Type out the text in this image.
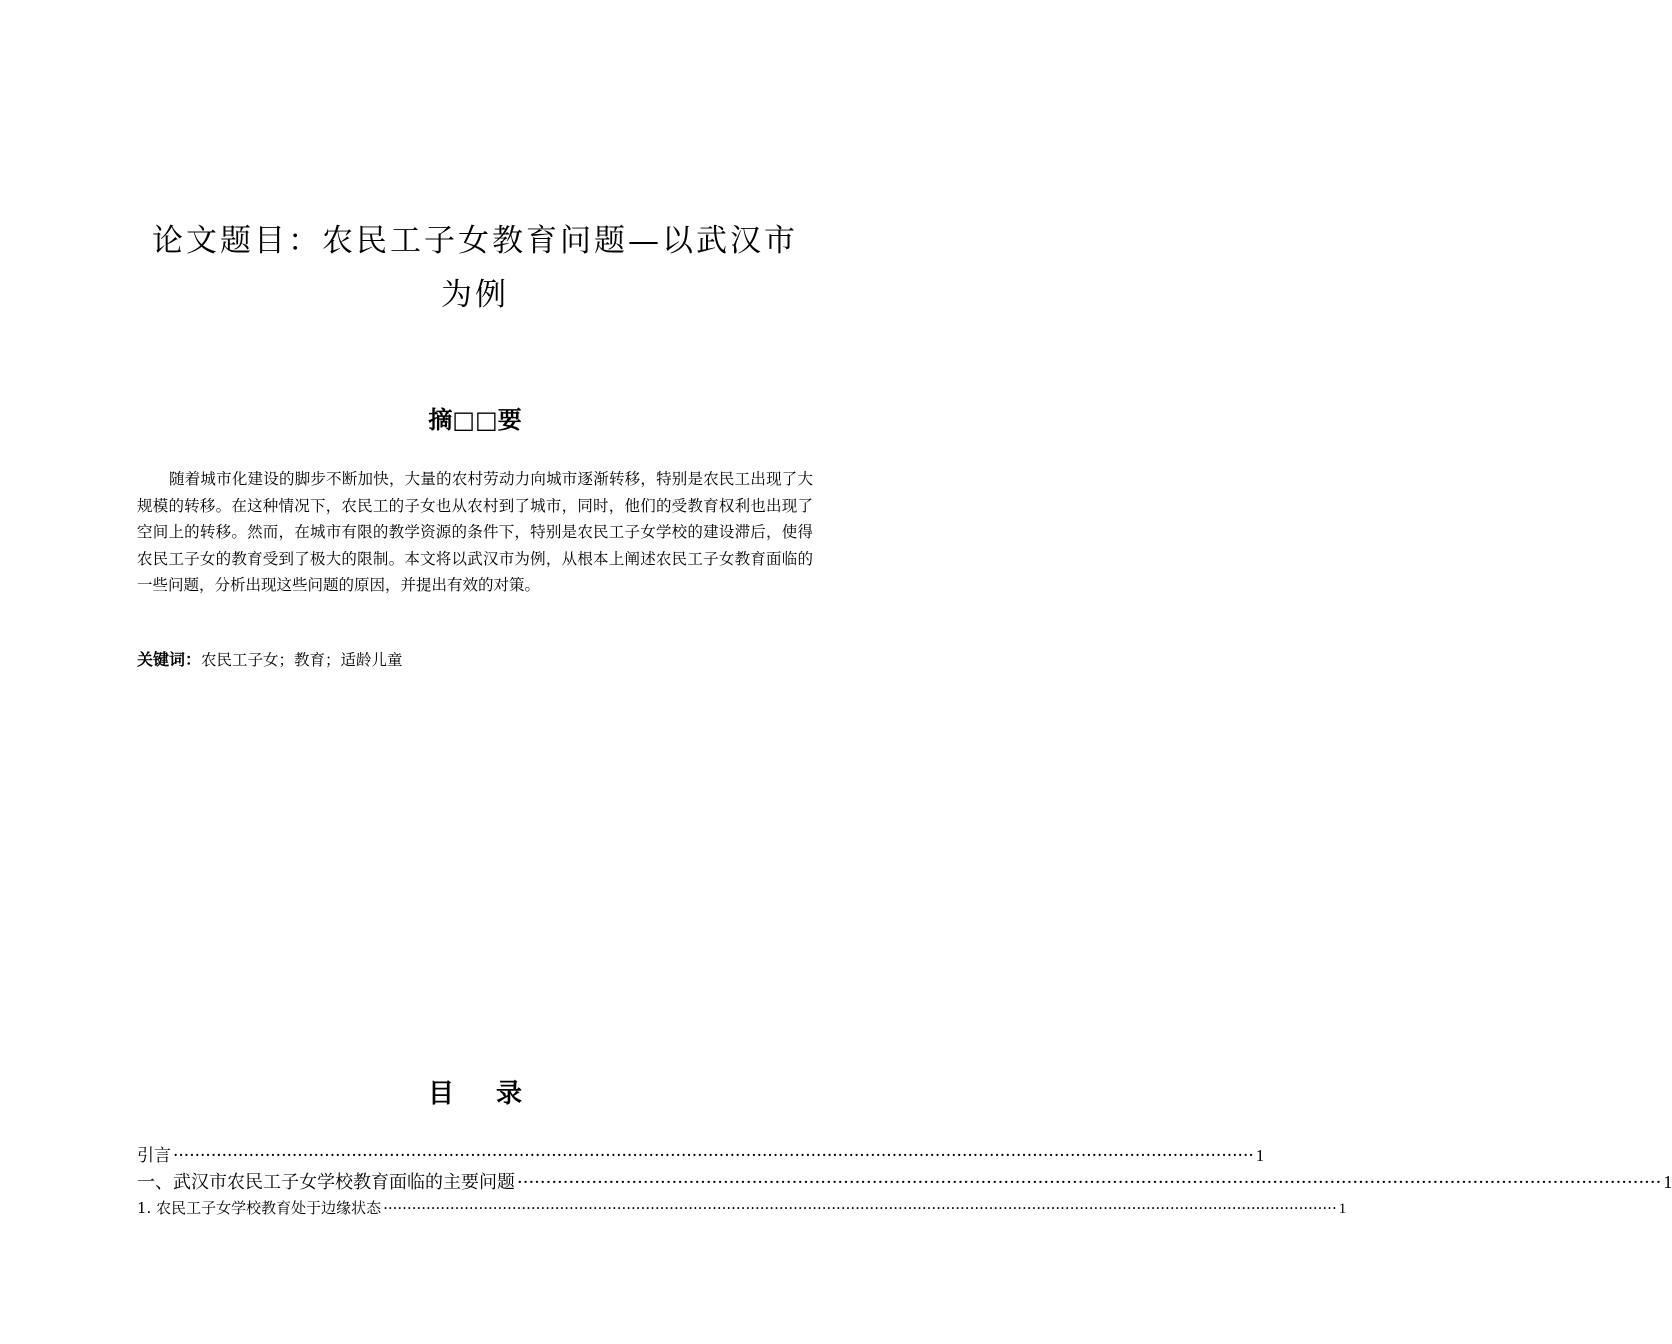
论文题目：农民工子女教育问题—以武汉市
为例
摘□□要

随着城市化建设的脚步不断加快，大量的农村劳动力向城市逐渐转移，特别是农民工出现了大规模的转移。在这种情况下，农民工的子女也从农村到了城市，同时，他们的受教育权利也出现了空间上的转移。然而，在城市有限的教学资源的条件下，特别是农民工子女学校的建设滞后，使得农民工子女的教育受到了极大的限制。本文将以武汉市为例，从根本上阐述农民工子女教育面临的一些问题，分析出现这些问题的原因，并提出有效的对策。

关键词：农民工子女；教育；适龄儿童
目录
引言 ········································································································································································································ 1
一、武汉市农民工子女学校教育面临的主要问题 ········································································································································································································ 1
1. 农民工子女学校教育处于边缘状态 ········································································································································································································ 1
